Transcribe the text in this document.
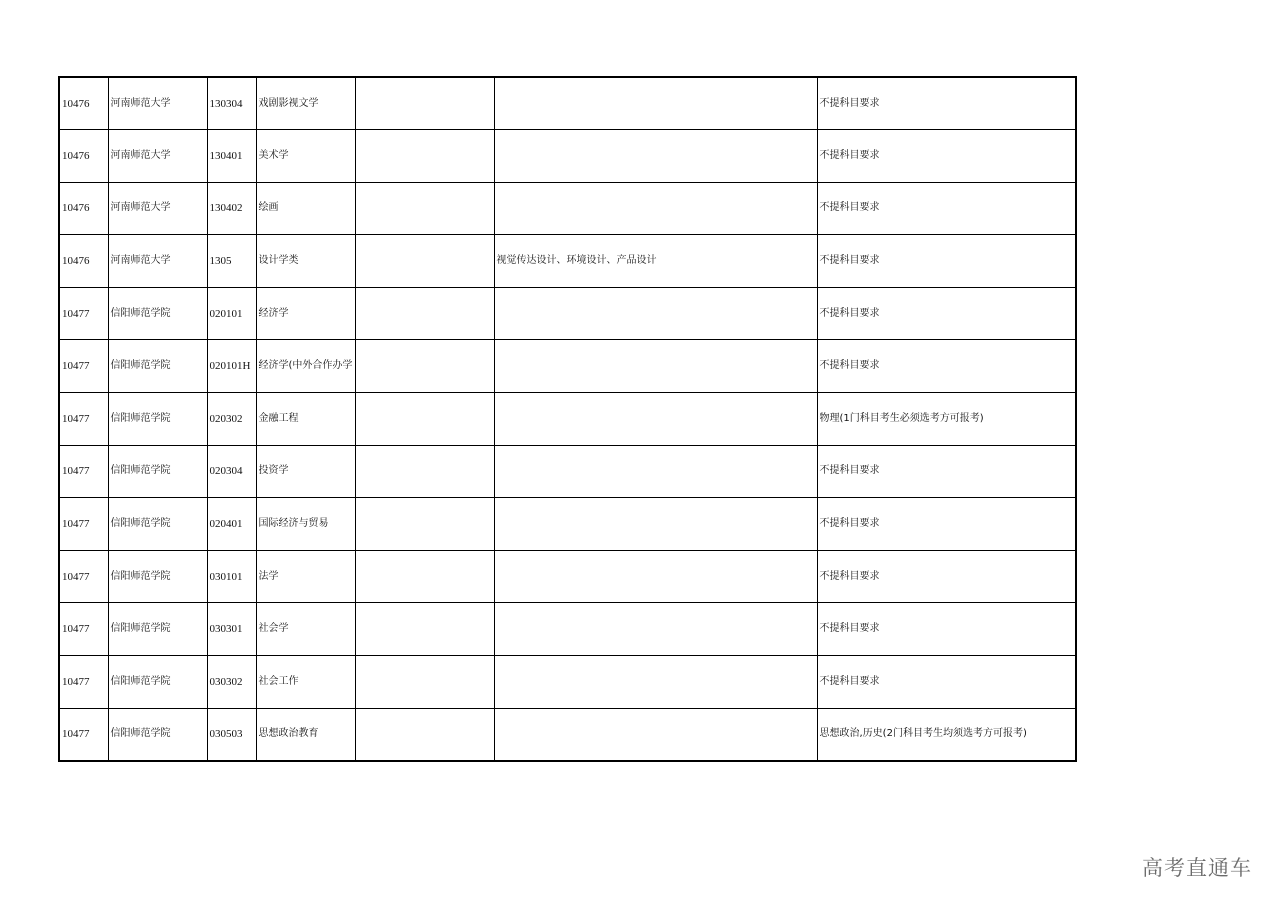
10476	河南师范大学	130304	戏剧影视文学			不提科目要求
10476	河南师范大学	130401	美术学			不提科目要求
10476	河南师范大学	130402	绘画			不提科目要求
10476	河南师范大学	1305	设计学类		视觉传达设计、环境设计、产品设计	不提科目要求
10477	信阳师范学院	020101	经济学			不提科目要求
10477	信阳师范学院	020101H	经济学(中外合作办学			不提科目要求
10477	信阳师范学院	020302	金融工程			物理(1门科目考生必须选考方可报考)
10477	信阳师范学院	020304	投资学			不提科目要求
10477	信阳师范学院	020401	国际经济与贸易			不提科目要求
10477	信阳师范学院	030101	法学			不提科目要求
10477	信阳师范学院	030301	社会学			不提科目要求
10477	信阳师范学院	030302	社会工作			不提科目要求
10477	信阳师范学院	030503	思想政治教育			思想政治,历史(2门科目考生均须选考方可报考)
高考直通车
